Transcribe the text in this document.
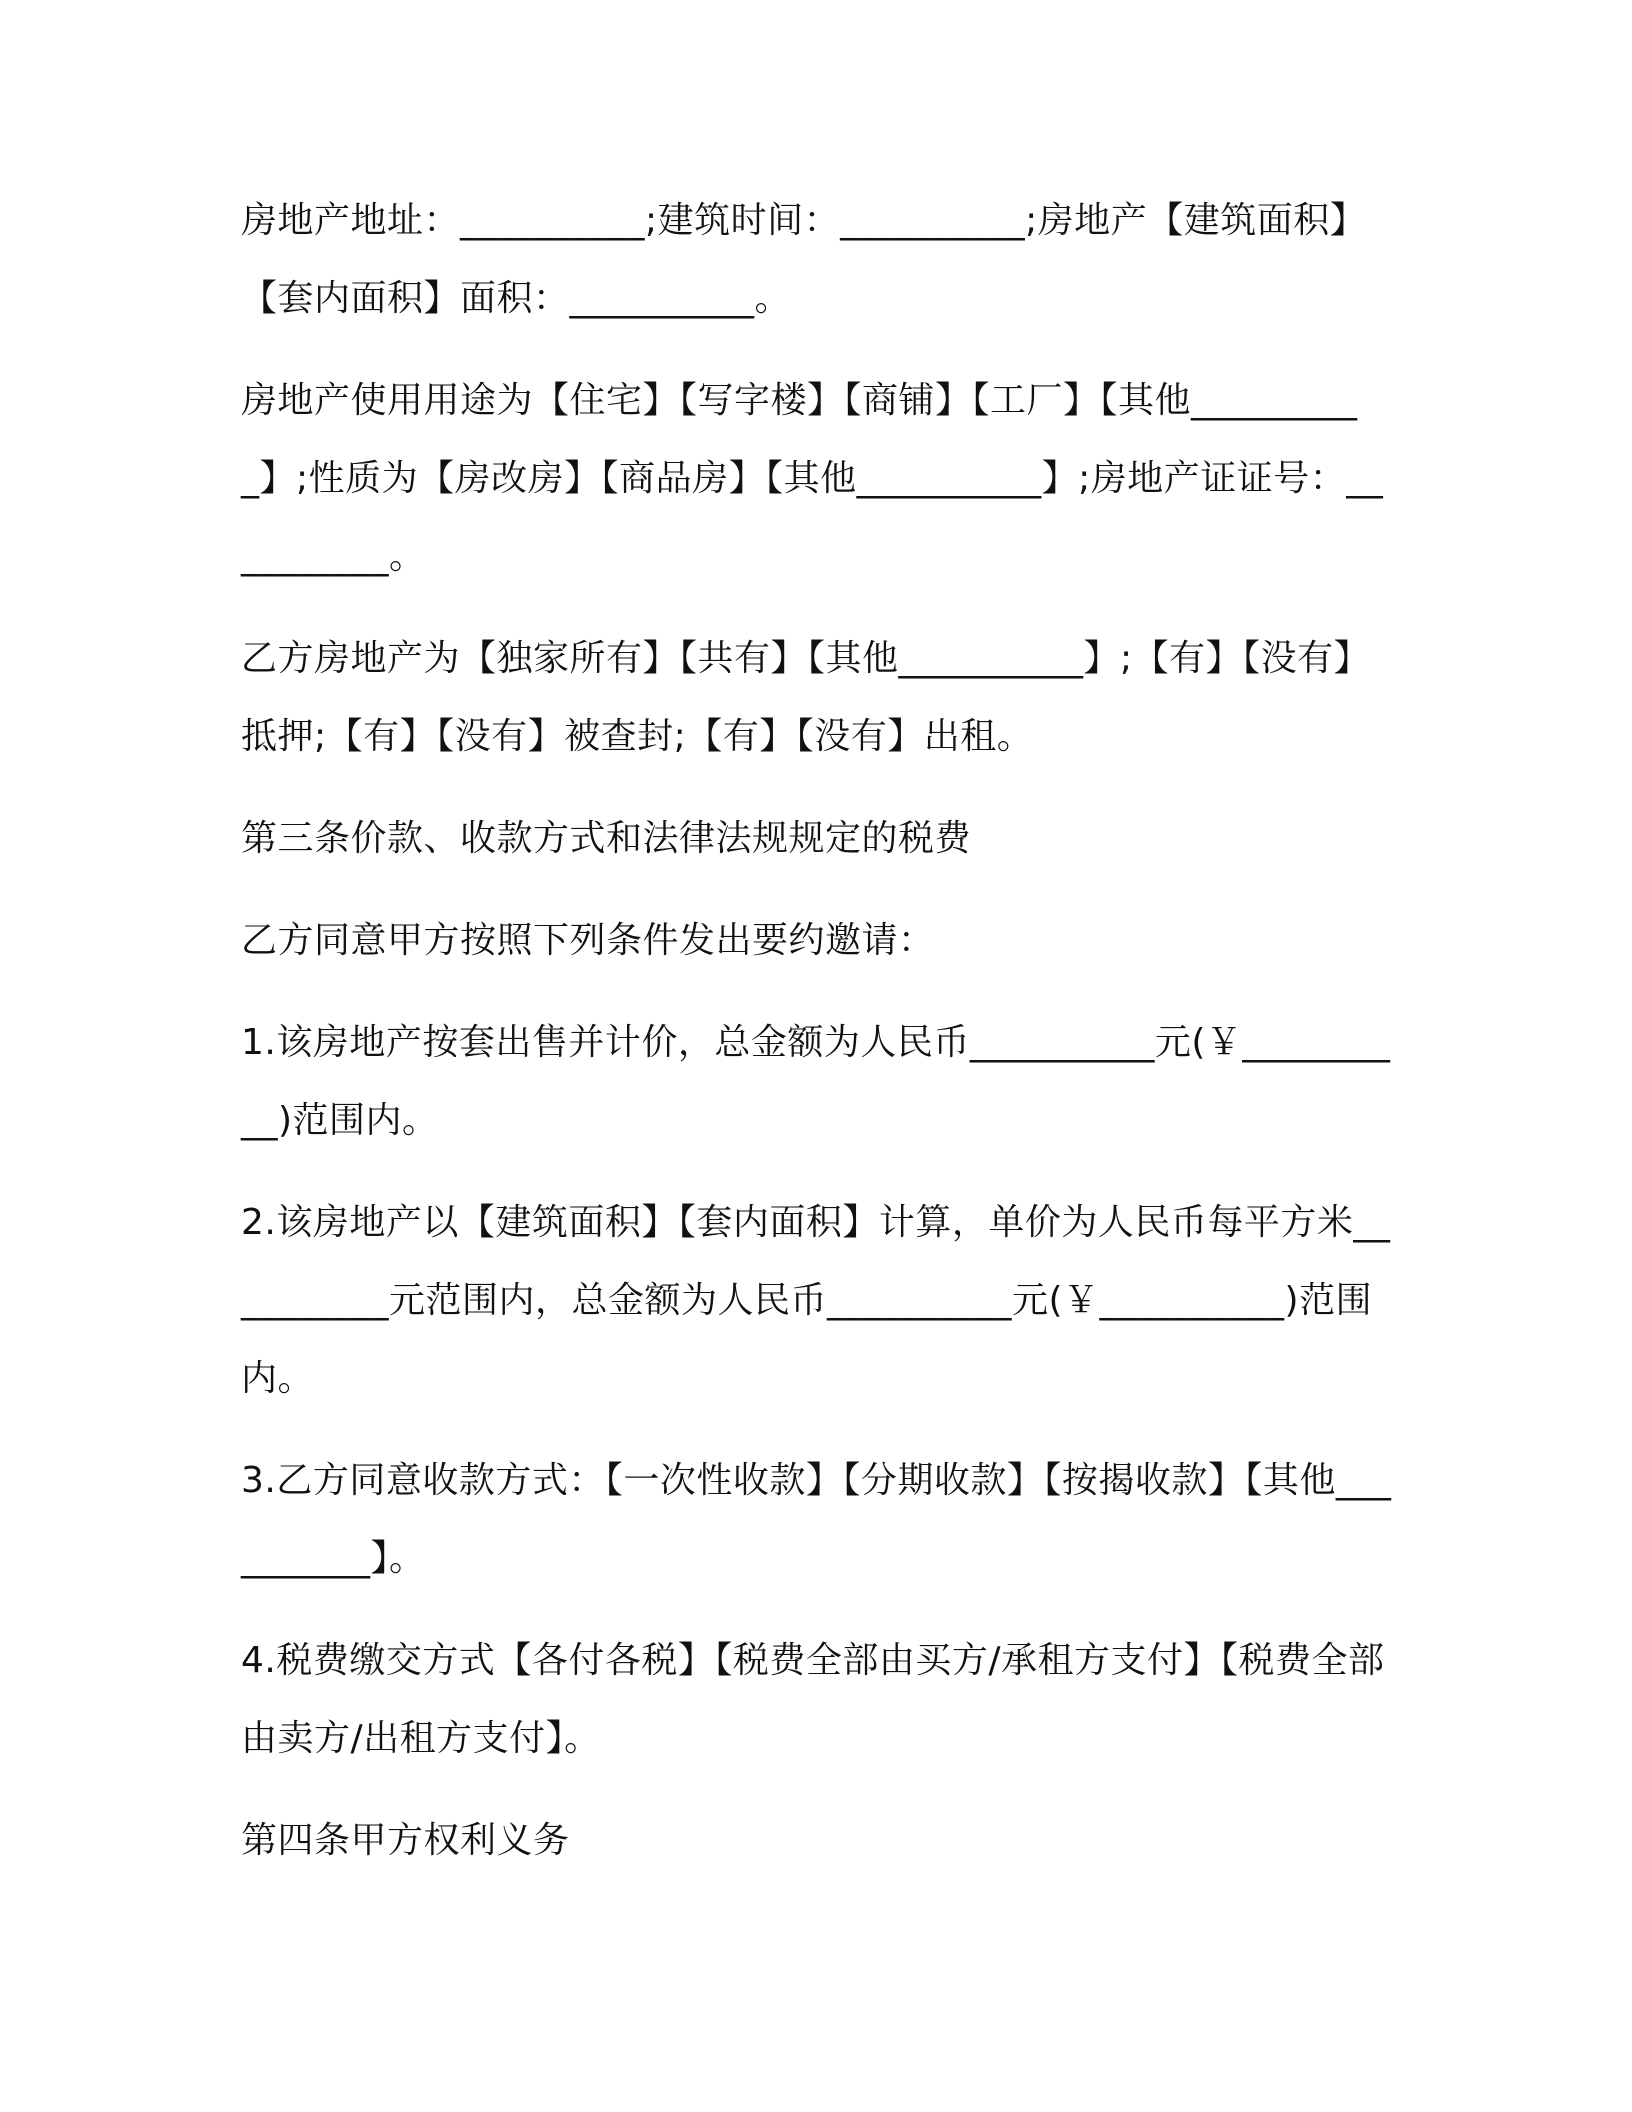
房地产地址：__________;建筑时间：__________;房地产【建筑面积】【套内面积】面积：__________。

房地产使用用途为【住宅】【写字楼】【商铺】【工厂】【其他__________】;性质为【房改房】【商品房】【其他__________】;房地产证证号：__________。

乙方房地产为【独家所有】【共有】【其他__________】;【有】【没有】抵押;【有】【没有】被查封;【有】【没有】出租。

第三条价款、收款方式和法律法规规定的税费

乙方同意甲方按照下列条件发出要约邀请：

1.该房地产按套出售并计价，总金额为人民币__________元(￥__________)范围内。

2.该房地产以【建筑面积】【套内面积】计算，单价为人民币每平方米__________元范围内，总金额为人民币__________元(￥__________)范围内。

3.乙方同意收款方式：【一次性收款】【分期收款】【按揭收款】【其他__________】。

4.税费缴交方式【各付各税】【税费全部由买方/承租方支付】【税费全部由卖方/出租方支付】。

第四条甲方权利义务
